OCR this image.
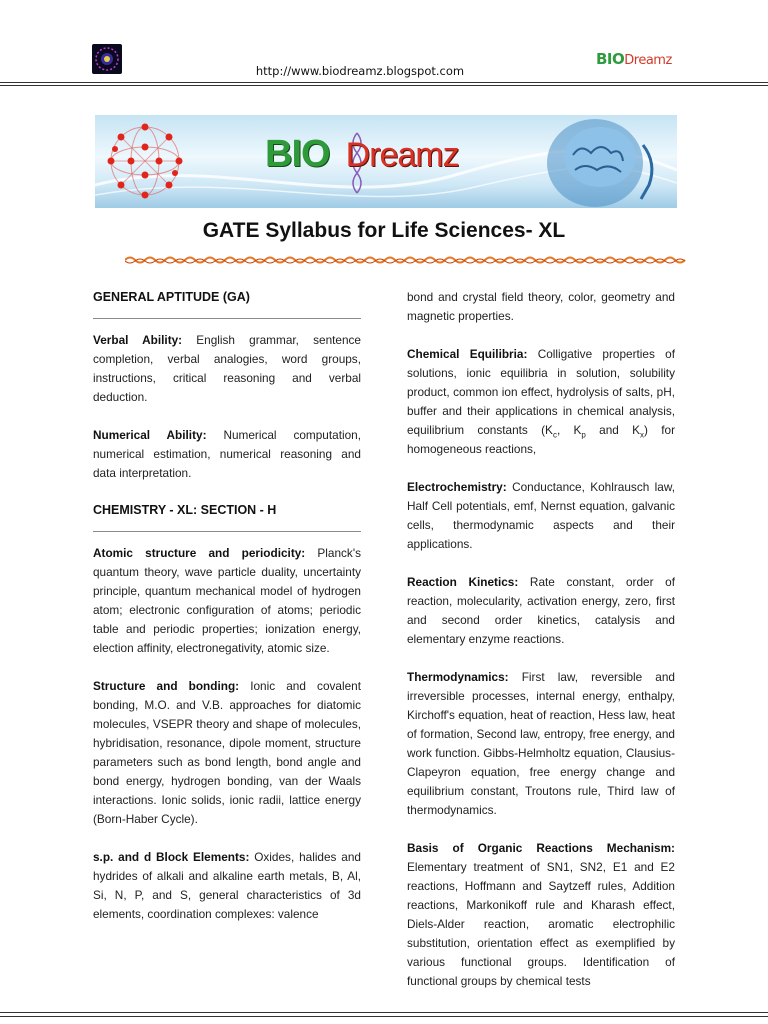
http://www.biodreamz.blogspot.com
BIODreamz
BIO Dreamz
GATE Syllabus for Life Sciences- XL
GENERAL APTITUDE (GA)

Verbal Ability: English grammar, sentence completion, verbal analogies, word groups, instructions, critical reasoning and verbal deduction.

Numerical Ability: Numerical computation, numerical estimation, numerical reasoning and data interpretation.

CHEMISTRY - XL: SECTION - H

Atomic structure and periodicity: Planck's quantum theory, wave particle duality, uncertainty principle, quantum mechanical model of hydrogen atom; electronic configuration of atoms; periodic table and periodic properties; ionization energy, election affinity, electronegativity, atomic size.

Structure and bonding: Ionic and covalent bonding, M.O. and V.B. approaches for diatomic molecules, VSEPR theory and shape of molecules, hybridisation, resonance, dipole moment, structure parameters such as bond length, bond angle and bond energy, hydrogen bonding, van der Waals interactions. Ionic solids, ionic radii, lattice energy (Born-Haber Cycle).

s.p. and d Block Elements: Oxides, halides and hydrides of alkali and alkaline earth metals, B, Al, Si, N, P, and S, general characteristics of 3d elements, coordination complexes: valence

bond and crystal field theory, color, geometry and magnetic properties.

Chemical Equilibria: Colligative properties of solutions, ionic equilibria in solution, solubility product, common ion effect, hydrolysis of salts, pH, buffer and their applications in chemical analysis, equilibrium constants ($K_c$, $K_p$ and $K_x$) for homogeneous reactions,

Electrochemistry: Conductance, Kohlrausch law, Half Cell potentials, emf, Nernst equation, galvanic cells, thermodynamic aspects and their applications.

Reaction Kinetics: Rate constant, order of reaction, molecularity, activation energy, zero, first and second order kinetics, catalysis and elementary enzyme reactions.

Thermodynamics: First law, reversible and irreversible processes, internal energy, enthalpy, Kirchoff's equation, heat of reaction, Hess law, heat of formation, Second law, entropy, free energy, and work function. Gibbs-Helmholtz equation, Clausius-Clapeyron equation, free energy change and equilibrium constant, Troutons rule, Third law of thermodynamics.

Basis of Organic Reactions Mechanism: Elementary treatment of SN1, SN2, E1 and E2 reactions, Hoffmann and Saytzeff rules, Addition reactions, Markonikoff rule and Kharash effect, Diels-Alder reaction, aromatic electrophilic substitution, orientation effect as exemplified by various functional groups. Identification of functional groups by chemical tests
